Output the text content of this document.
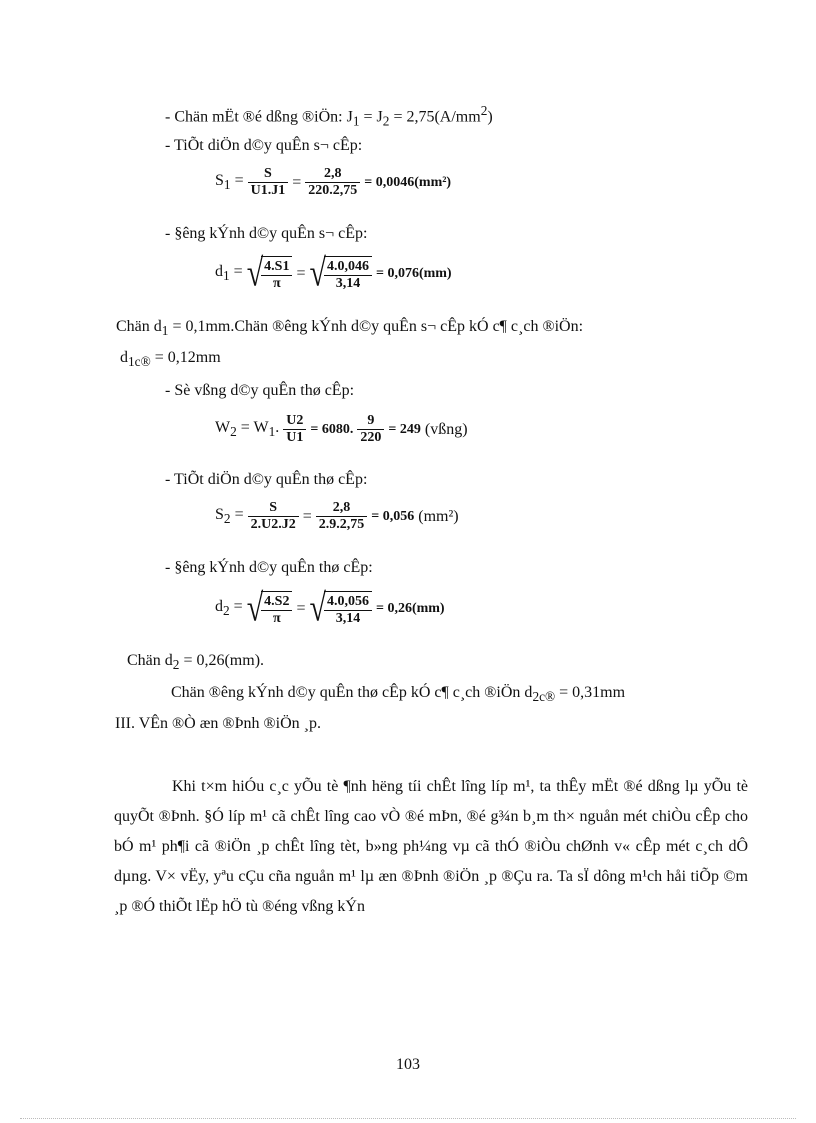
- Chän mËt ®é dßng ®iÖn: $J_1 = J_2 = 2,75(A/mm^2)$
- TiÕt diÖn d©y quÊn s¬ cÊp:
$S_1 = \frac{S}{U1.J1} = \frac{2,8}{220.2,75} = 0,0046(mm^2)$
- §êng kÝnh d©y quÊn s¬ cÊp:
$d_1$ = √
$\frac{4.S1}{\pi}$ = √
$\frac{4.0,046}{3,14} = 0,076(mm)$
Chän $d_1$ = 0,1mm.Chän ®êng kÝnh d©y quÊn s¬ cÊp kÓ c¶ c¸ch ®iÖn:
$d_{1c®} = 0,12mm$
- Sè vßng d©y quÊn thø cÊp:
$W_2 = W_1$. $\frac{U2}{U1} = 6080$. $\frac{9}{220} = 249$ (vßng)
- TiÕt diÖn d©y quÊn thø cÊp:
$S_2 = \frac{S}{2.U2.J2} = \frac{2,8}{2.9.2,75} = 0,056$ (mm²)
- §êng kÝnh d©y quÊn thø cÊp:
$d_2$ = √
$\frac{4.S2}{\pi}$ = √
$\frac{4.0,056}{3,14} = 0,26(mm)$
Chän $d_2 = 0,26(mm)$.
Chän ®êng kÝnh d©y quÊn thø cÊp kÓ c¶ c¸ch ®iÖn $d_{2c®} = 0,31mm$
III. VÊn ®Ò æn ®Þnh ®iÖn ¸p.
Khi t×m hiÓu c¸c yÕu tè ¶nh hëng tíi chÊt lîng líp m¹, ta thÊy mËt ®é dßng lµ yÕu tè quyÕt ®Þnh. §Ó líp m¹ cã chÊt lîng cao vÒ ®é mÞn, ®é g¾n b¸m th× nguån mét chiÒu cÊp cho bÓ m¹ ph¶i cã ®iÖn ¸p chÊt lîng tèt, b»ng ph¼ng vµ cã thÓ ®iÒu chØnh v« cÊp mét c¸ch dÔ dµng. V× vËy, yªu cÇu cña nguån m¹ lµ æn ®Þnh ®iÖn ¸p ®Çu ra. Ta sÏ dông m¹ch håi tiÕp ©m ¸p ®Ó thiÕt lËp hÖ tù ®éng vßng kÝn
103
